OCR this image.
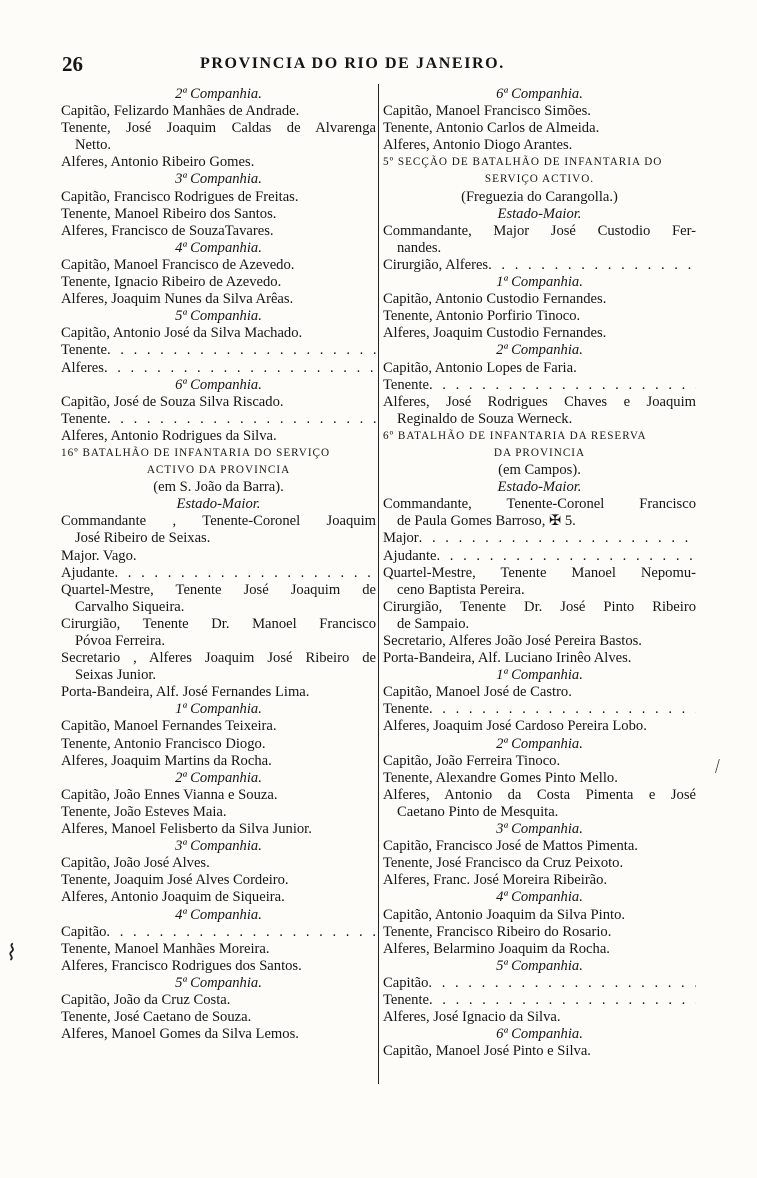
26	PROVINCIA DO RIO DE JANEIRO.
2ª Companhia.
Capitão, Felizardo Manhães de Andrade.
Tenente, José Joaquim Caldas de Alvarenga
Netto.
Alferes, Antonio Ribeiro Gomes.
3ª Companhia.
Capitão, Francisco Rodrigues de Freitas.
Tenente, Manoel Ribeiro dos Santos.
Alferes, Francisco de SouzaTavares.
4ª Companhia.
Capitão, Manoel Francisco de Azevedo.
Tenente, Ignacio Ribeiro de Azevedo.
Alferes, Joaquim Nunes da Silva Arêas.
5ª Companhia.
Capitão, Antonio José da Silva Machado.
Tenente
. . .
Alferes
. . .
6ª Companhia.
Capitão, José de Souza Silva Riscado.
Tenente
. . .
Alferes, Antonio Rodrigues da Silva.
16º BATALHÃO DE INFANTARIA DO SERVIÇO
ACTIVO DA PROVINCIA
(em S. João da Barra).
Estado-Maior.
Commandante , Tenente-Coronel Joaquim
José Ribeiro de Seixas.
Major. Vago.
Ajudante
. . .
Quartel-Mestre, Tenente José Joaquim de
Carvalho Siqueira.
Cirurgião, Tenente Dr. Manoel Francisco
Póvoa Ferreira.
Secretario , Alferes Joaquim José Ribeiro de
Seixas Junior.
Porta-Bandeira, Alf. José Fernandes Lima.
1ª Companhia.
Capitão, Manoel Fernandes Teixeira.
Tenente, Antonio Francisco Diogo.
Alferes, Joaquim Martins da Rocha.
2ª Companhia.
Capitão, João Ennes Vianna e Souza.
Tenente, João Esteves Maia.
Alferes, Manoel Felisberto da Silva Junior.
3ª Companhia.
Capitão, João José Alves.
Tenente, Joaquim José Alves Cordeiro.
Alferes, Antonio Joaquim de Siqueira.
4ª Companhia.
Capitão
. . .
Tenente, Manoel Manhães Moreira.
Alferes, Francisco Rodrigues dos Santos.
5ª Companhia.
Capitão, João da Cruz Costa.
Tenente, José Caetano de Souza.
Alferes, Manoel Gomes da Silva Lemos.
6ª Companhia.
Capitão, Manoel Francisco Simões.
Tenente, Antonio Carlos de Almeida.
Alferes, Antonio Diogo Arantes.
5º SECÇÃO DE BATALHÃO DE INFANTARIA DO
SERVIÇO ACTIVO.
(Freguezia do Carangolla.)
Estado-Maior.
Commandante, Major José Custodio Fer-
nandes.
Cirurgião, Alferes
. . .
1ª Companhia.
Capitão, Antonio Custodio Fernandes.
Tenente, Antonio Porfirio Tinoco.
Alferes, Joaquim Custodio Fernandes.
2ª Companhia.
Capitão, Antonio Lopes de Faria.
Tenente
. . .
Alferes, José Rodrigues Chaves e Joaquim
Reginaldo de Souza Werneck.
6º BATALHÃO DE INFANTARIA DA RESERVA
DA PROVINCIA
(em Campos).
Estado-Maior.
Commandante, Tenente-Coronel Francisco
de Paula Gomes Barroso, ✠ 5.
Major
. . .
Ajudante
. . .
Quartel-Mestre, Tenente Manoel Nepomu-
ceno Baptista Pereira.
Cirurgião, Tenente Dr. José Pinto Ribeiro
de Sampaio.
Secretario, Alferes João José Pereira Bastos.
Porta-Bandeira, Alf. Luciano Irinêo Alves.
1ª Companhia.
Capitão, Manoel José de Castro.
Tenente
. . .
Alferes, Joaquim José Cardoso Pereira Lobo.
2ª Companhia.
Capitão, João Ferreira Tinoco.
Tenente, Alexandre Gomes Pinto Mello.
Alferes, Antonio da Costa Pimenta e José
Caetano Pinto de Mesquita.
3ª Companhia.
Capitão, Francisco José de Mattos Pimenta.
Tenente, José Francisco da Cruz Peixoto.
Alferes, Franc. José Moreira Ribeirão.
4ª Companhia.
Capitão, Antonio Joaquim da Silva Pinto.
Tenente, Francisco Ribeiro do Rosario.
Alferes, Belarmino Joaquim da Rocha.
5ª Companhia.
Capitão
. . .
Tenente
. . .
Alferes, José Ignacio da Silva.
6ª Companhia.
Capitão, Manoel José Pinto e Silva.
⌇
⁄
